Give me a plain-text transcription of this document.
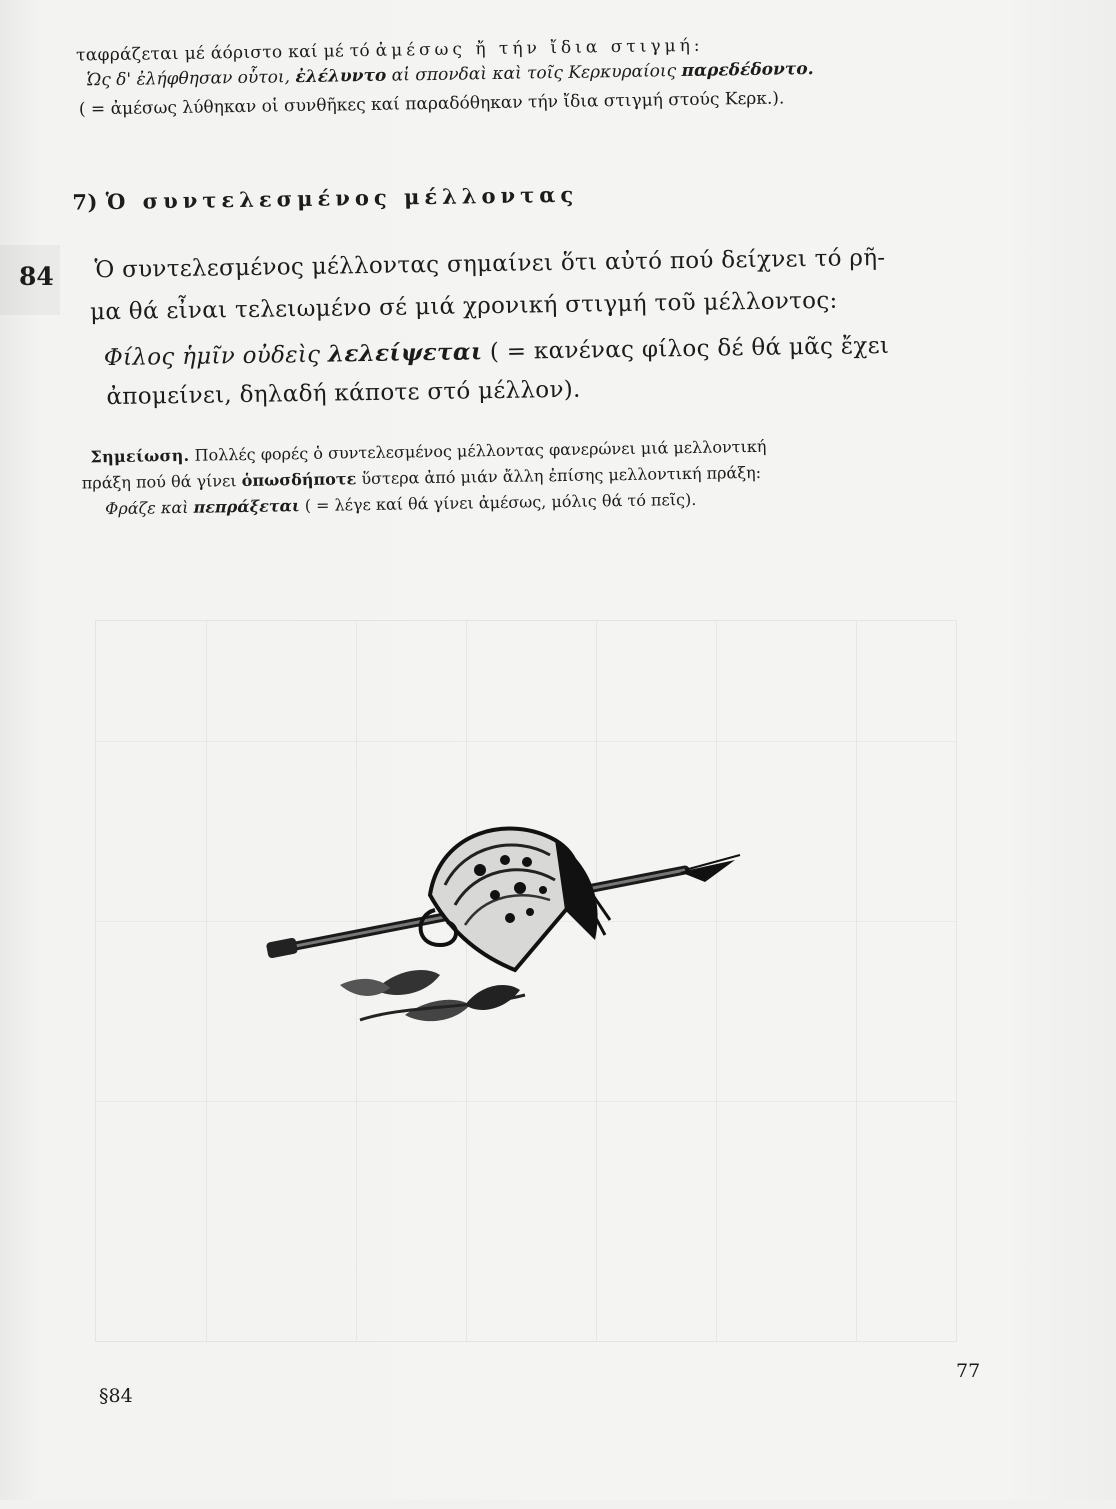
84
ταφράζεται μέ άόριστο καί μέ τό ἀμέσως ἤ τήν ἴδια στιγμή:
Ὡς δ' ἐλήφθησαν οὗτοι, ἐλέλυντο αἱ σπονδαὶ καὶ τοῖς Κερκυραίοις παρεδέδοντο.
( = ἀμέσως λύθηκαν οἱ συνθῆκες καί παραδόθηκαν τήν ἴδια στιγμή στούς Κερκ.).
7) Ὁ συντελεσμένος μέλλοντας
Ὁ συντελεσμένος μέλλοντας σημαίνει ὅτι αὐτό πού δείχνει τό ρῆ-
μα θά εἶναι τελειωμένο σέ μιά χρονική στιγμή τοῦ μέλλοντος:
Φίλος ἡμῖν οὐδεὶς λελείψεται ( = κανένας φίλος δέ θά μᾶς ἔχει
ἀπομείνει, δηλαδή κάποτε στό μέλλον).
Σημείωση. Πολλές φορές ὁ συντελεσμένος μέλλοντας φανερώνει μιά μελλοντική
πράξη πού θά γίνει ὁπωσδήποτε ὕστερα ἀπό μιάν ἄλλη ἐπίσης μελλοντική πράξη:
Φράζε καὶ πεπράξεται ( = λέγε καί θά γίνει ἀμέσως, μόλις θά τό πεῖς).
77
§84
